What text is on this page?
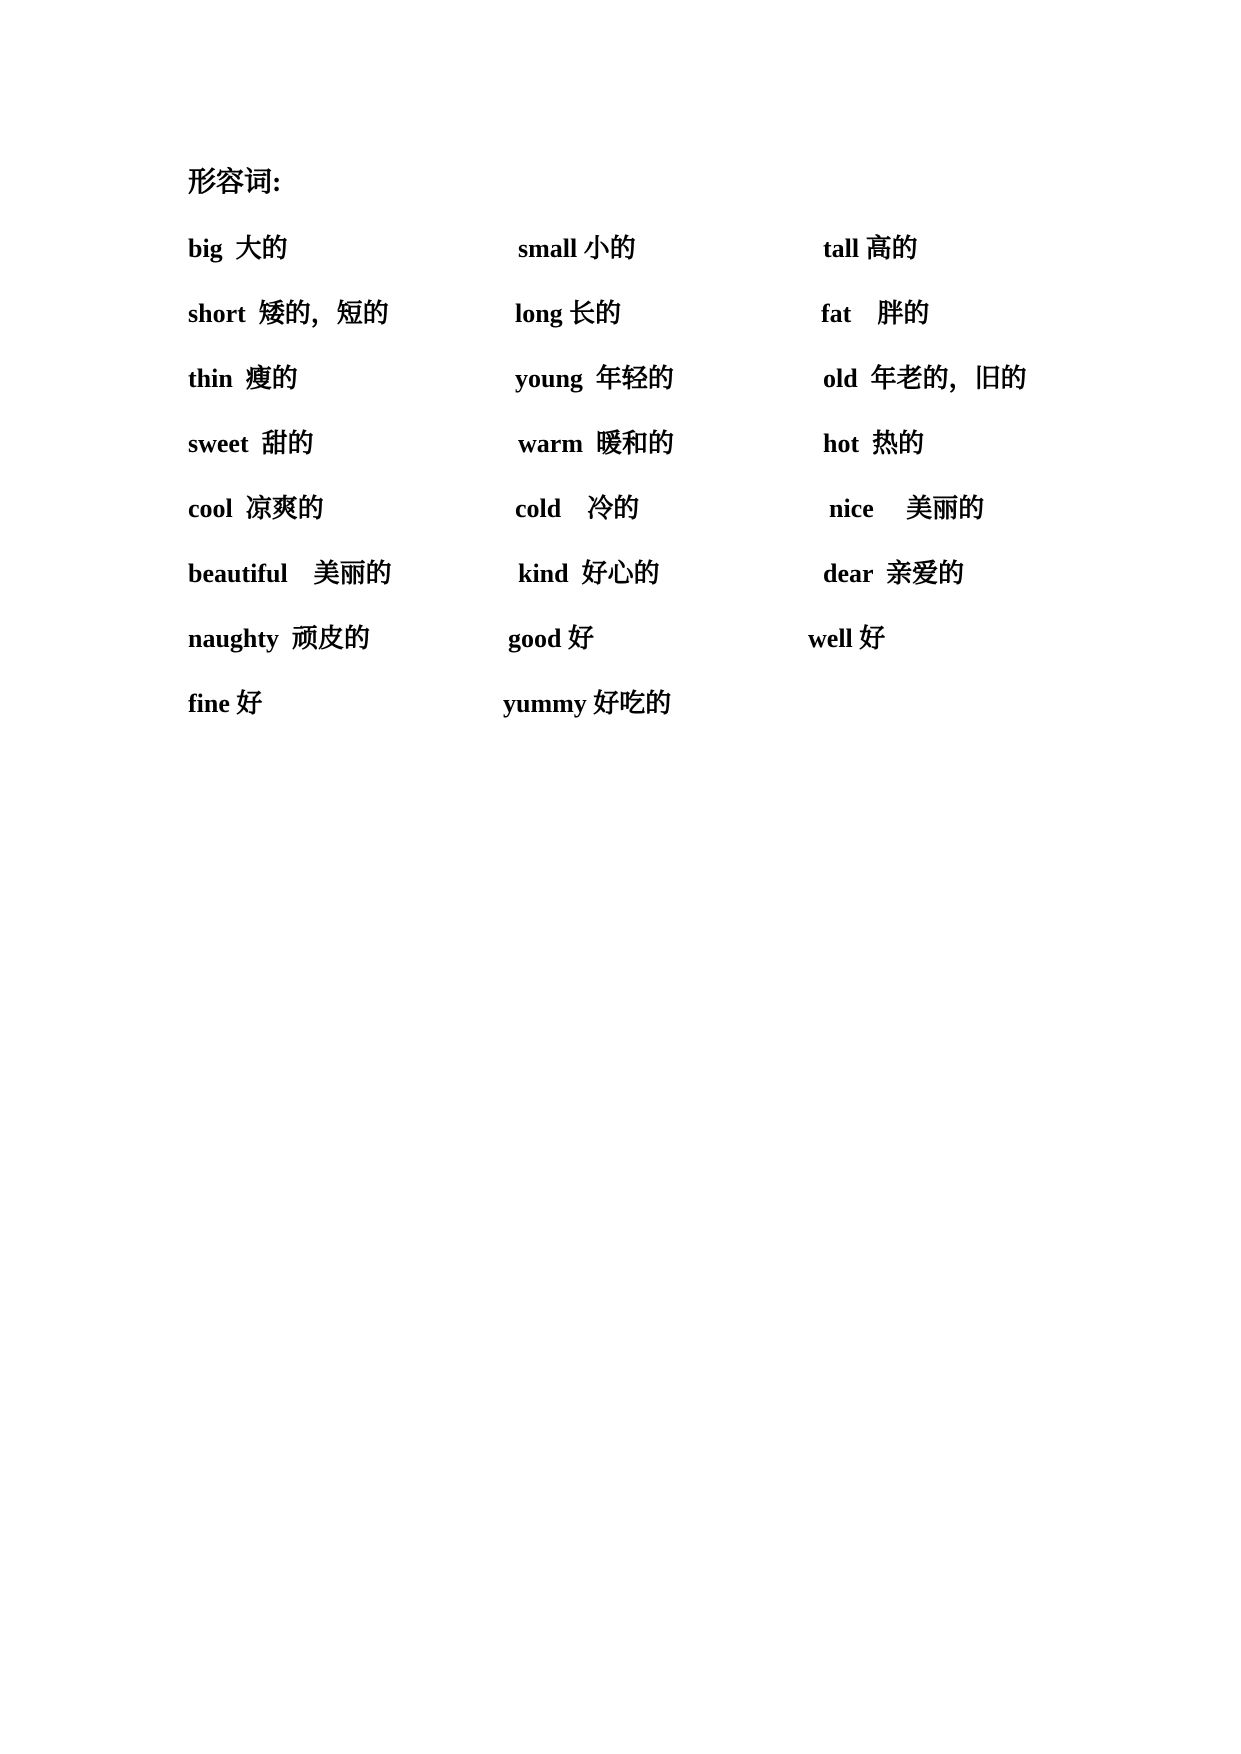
形容词:
big  大的	small 小的	tall 高的
short  矮的，短的	long 长的	fat    胖的
thin  瘦的	young  年轻的	old  年老的，旧的
sweet  甜的	warm  暖和的	hot  热的
cool  凉爽的	cold    冷的	nice     美丽的
beautiful    美丽的	kind  好心的	dear  亲爱的
naughty  顽皮的	good 好	well 好
fine 好	yummy 好吃的
